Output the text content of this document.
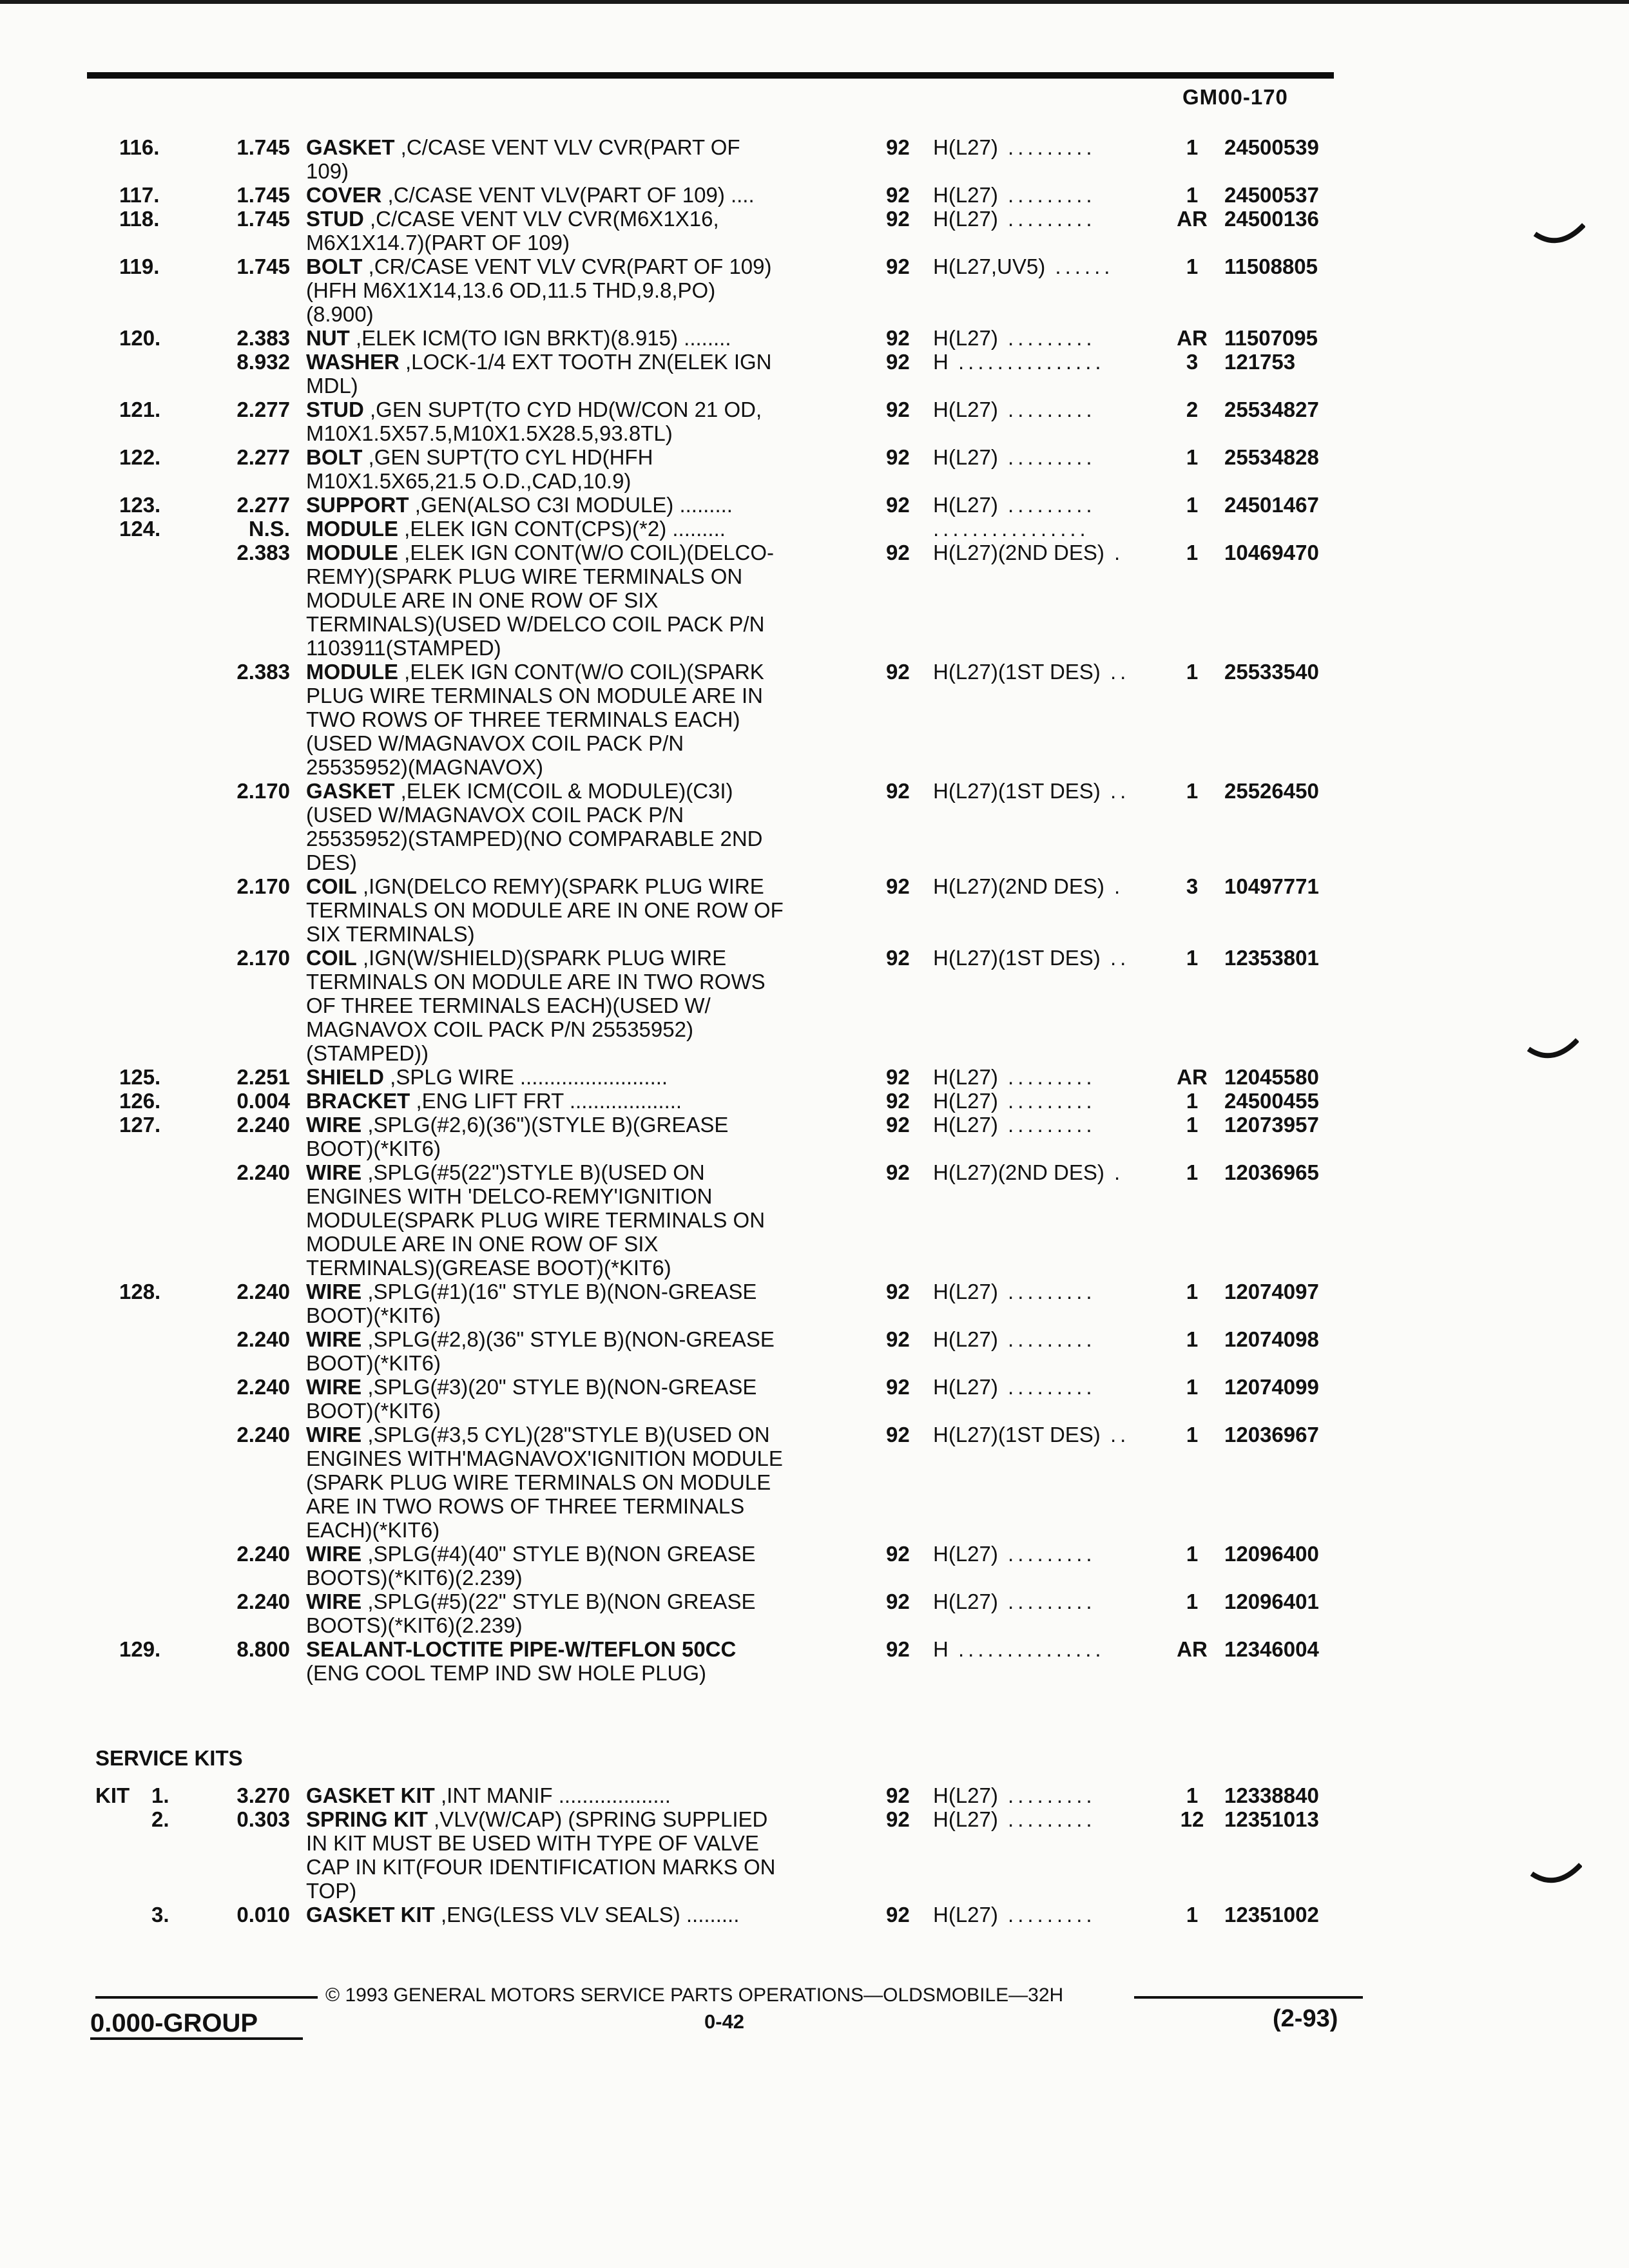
GM00-170
116.	1.745 GASKET ,C/CASE VENT VLV CVR(PART OF
109)
92	H(L27) .........	1	24500539
117.	1.745 COVER ,C/CASE VENT VLV(PART OF 109) ....	92	H(L27) .........	1	24500537
118.	1.745 STUD ,C/CASE VENT VLV CVR(M6X1X16,
M6X1X14.7)(PART OF 109)
92	H(L27) .........	AR 24500136
119.	1.745 BOLT ,CR/CASE VENT VLV CVR(PART OF 109)
(HFH M6X1X14,13.6 OD,11.5 THD,9.8,PO)
(8.900)
92	H(L27,UV5) ......	1	11508805
120.	2.383 NUT ,ELEK ICM(TO IGN BRKT)(8.915) ........	92	H(L27) .........	AR 11507095
8.932 WASHER ,LOCK-1/4 EXT TOOTH ZN(ELEK IGN
MDL)
92	H ...............	3	121753
121.	2.277 STUD ,GEN SUPT(TO CYD HD(W/CON 21 OD,
M10X1.5X57.5,M10X1.5X28.5,93.8TL)
92	H(L27) .........	2	25534827
122.	2.277 BOLT ,GEN SUPT(TO CYL HD(HFH
M10X1.5X65,21.5 O.D.,CAD,10.9)
92	H(L27) .........	1	25534828
123.	2.277 SUPPORT ,GEN(ALSO C3I MODULE) .........	92	H(L27) .........	1	24501467
124.	N.S. MODULE ,ELEK IGN CONT(CPS)(*2) .........	................
2.383 MODULE ,ELEK IGN CONT(W/O COIL)(DELCO-
REMY)(SPARK PLUG WIRE TERMINALS ON
MODULE ARE IN ONE ROW OF SIX
TERMINALS)(USED W/DELCO COIL PACK P/N
1103911(STAMPED)
92	H(L27)(2ND DES) .	1	10469470
2.383 MODULE ,ELEK IGN CONT(W/O COIL)(SPARK
PLUG WIRE TERMINALS ON MODULE ARE IN
TWO ROWS OF THREE TERMINALS EACH)
(USED W/MAGNAVOX COIL PACK P/N
25535952)(MAGNAVOX)
92	H(L27)(1ST DES) ..	1	25533540
2.170 GASKET ,ELEK ICM(COIL & MODULE)(C3I)
(USED W/MAGNAVOX COIL PACK P/N
25535952)(STAMPED)(NO COMPARABLE 2ND
DES)
92	H(L27)(1ST DES) ..	1	25526450
2.170 COIL ,IGN(DELCO REMY)(SPARK PLUG WIRE
TERMINALS ON MODULE ARE IN ONE ROW OF
SIX TERMINALS)
92	H(L27)(2ND DES) .	3	10497771
2.170 COIL ,IGN(W/SHIELD)(SPARK PLUG WIRE
TERMINALS ON MODULE ARE IN TWO ROWS
OF THREE TERMINALS EACH)(USED W/
MAGNAVOX COIL PACK P/N 25535952)
(STAMPED))
92	H(L27)(1ST DES) ..	1	12353801
125.	2.251 SHIELD ,SPLG WIRE .........................	92	H(L27) .........	AR 12045580
126.	0.004 BRACKET ,ENG LIFT FRT ...................	92	H(L27) .........	1	24500455
127.	2.240 WIRE ,SPLG(#2,6)(36")(STYLE B)(GREASE
BOOT)(*KIT6)
92	H(L27) .........	1	12073957
2.240 WIRE ,SPLG(#5(22")STYLE B)(USED ON
ENGINES WITH 'DELCO-REMY'IGNITION
MODULE(SPARK PLUG WIRE TERMINALS ON
MODULE ARE IN ONE ROW OF SIX
TERMINALS)(GREASE BOOT)(*KIT6)
92	H(L27)(2ND DES) .	1	12036965
128.	2.240 WIRE ,SPLG(#1)(16" STYLE B)(NON-GREASE
BOOT)(*KIT6)
92	H(L27) .........	1	12074097
2.240 WIRE ,SPLG(#2,8)(36" STYLE B)(NON-GREASE
BOOT)(*KIT6)
92	H(L27) .........	1	12074098
2.240 WIRE ,SPLG(#3)(20" STYLE B)(NON-GREASE
BOOT)(*KIT6)
92	H(L27) .........	1	12074099
2.240 WIRE ,SPLG(#3,5 CYL)(28"STYLE B)(USED ON
ENGINES WITH'MAGNAVOX'IGNITION MODULE
(SPARK PLUG WIRE TERMINALS ON MODULE
ARE IN TWO ROWS OF THREE TERMINALS
EACH)(*KIT6)
92	H(L27)(1ST DES) ..	1	12036967
2.240 WIRE ,SPLG(#4)(40" STYLE B)(NON GREASE
BOOTS)(*KIT6)(2.239)
92	H(L27) .........	1	12096400
2.240 WIRE ,SPLG(#5)(22" STYLE B)(NON GREASE
BOOTS)(*KIT6)(2.239)
92	H(L27) .........	1	12096401
129.	8.800 SEALANT-LOCTITE PIPE-W/TEFLON 50CC
(ENG COOL TEMP IND SW HOLE PLUG)
92	H ...............	AR 12346004
SERVICE KITS
KIT 1.	3.270 GASKET KIT ,INT MANIF ...................	92	H(L27) .........	1	12338840
2.	0.303 SPRING KIT ,VLV(W/CAP) (SPRING SUPPLIED
IN KIT MUST BE USED WITH TYPE OF VALVE
CAP IN KIT(FOUR IDENTIFICATION MARKS ON
TOP)
92	H(L27) .........	12 12351013
3.	0.010 GASKET KIT ,ENG(LESS VLV SEALS) .........	92	H(L27) .........	1	12351002
© 1993 GENERAL MOTORS SERVICE PARTS OPERATIONS—OLDSMOBILE—32H
0.000-GROUP	0-42	(2-93)
